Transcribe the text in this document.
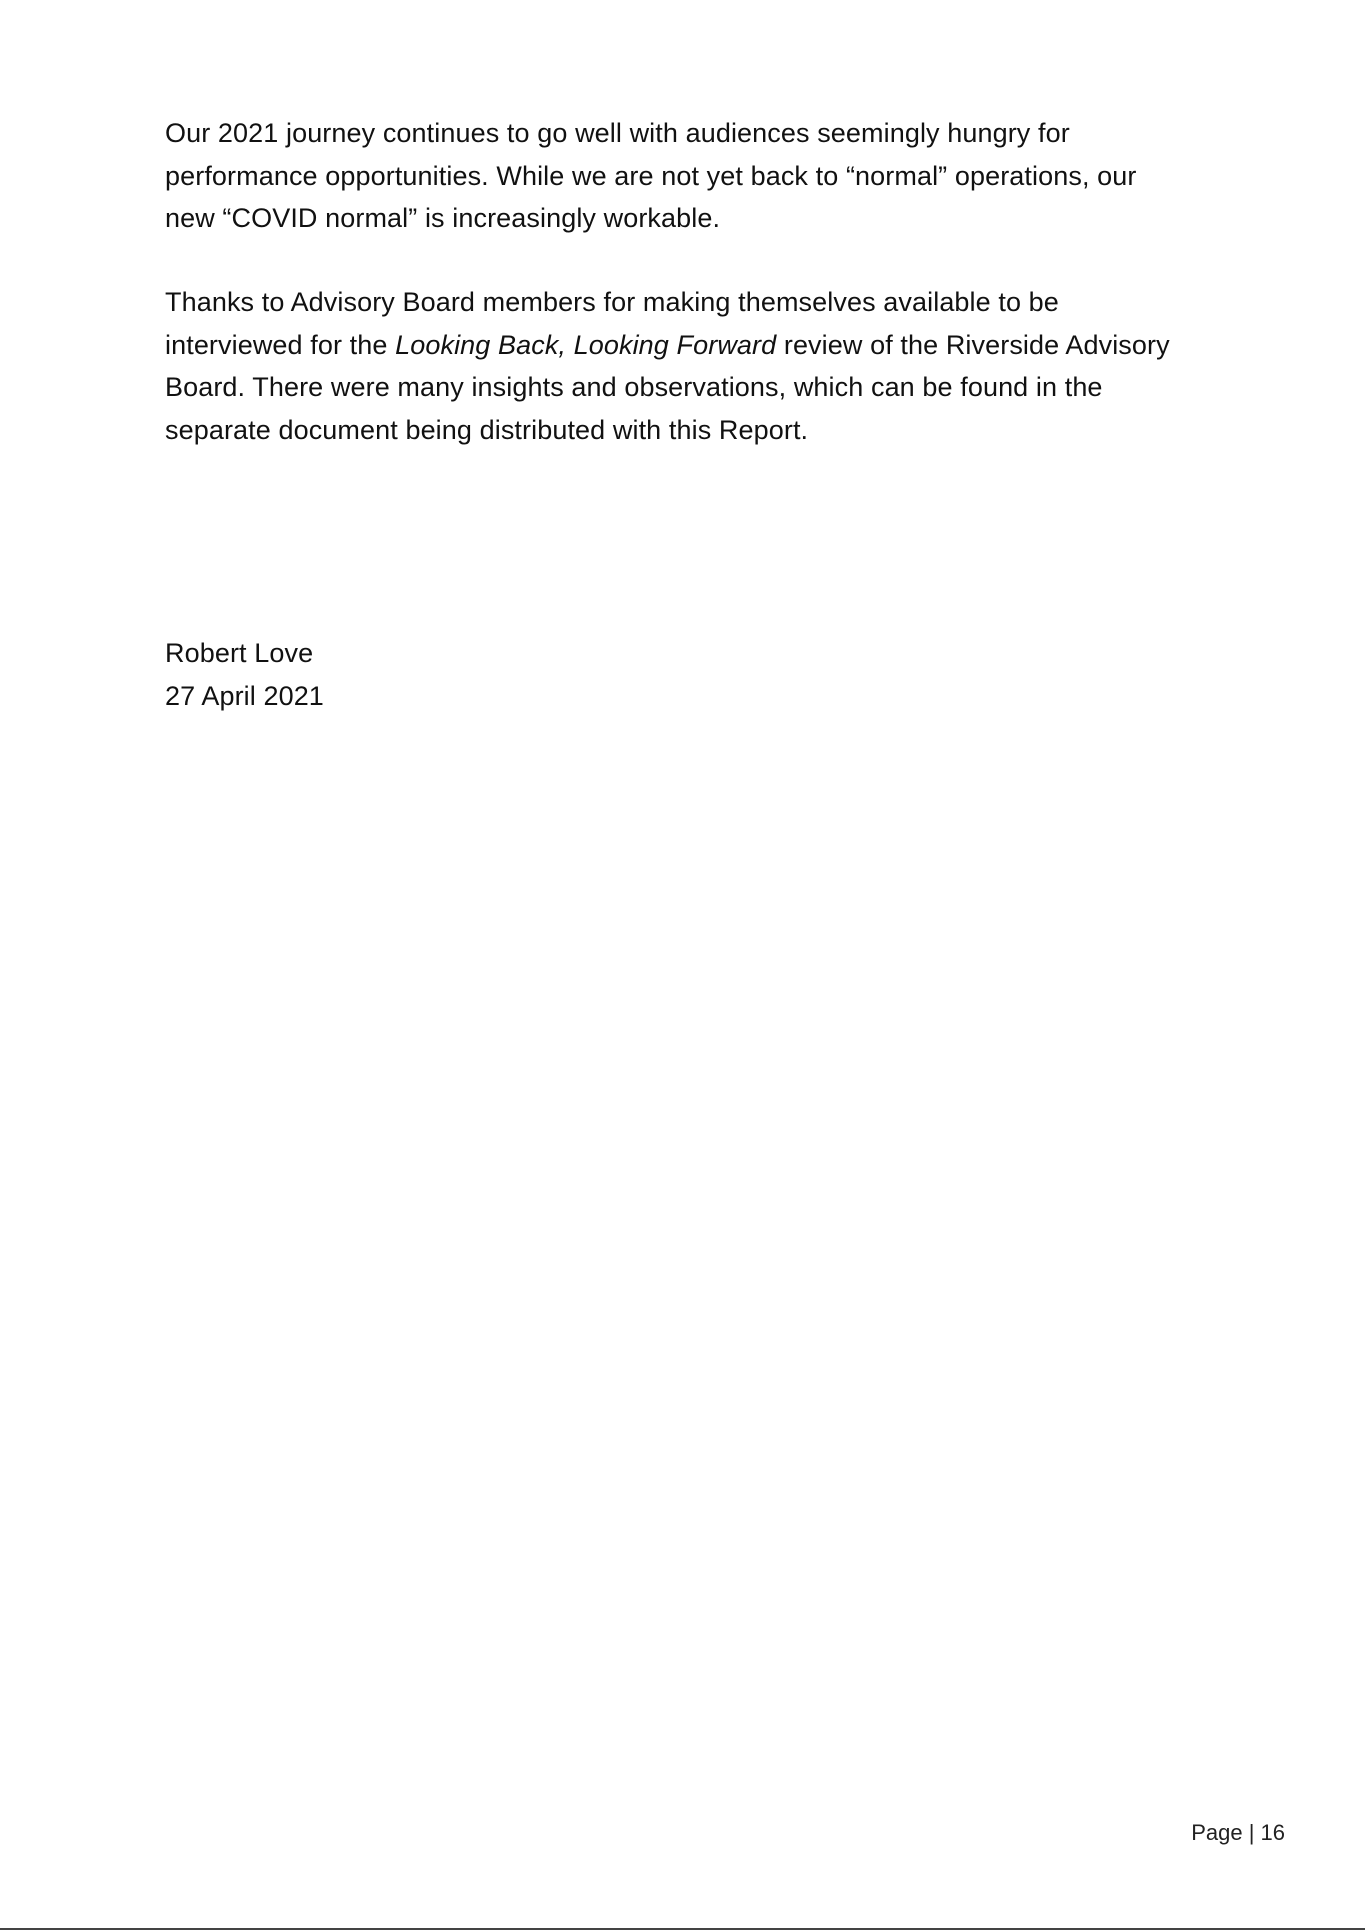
Our 2021 journey continues to go well with audiences seemingly hungry for
performance opportunities. While we are not yet back to “normal” operations, our
new “COVID normal” is increasingly workable.
Thanks to Advisory Board members for making themselves available to be
interviewed for the Looking Back, Looking Forward review of the Riverside Advisory
Board. There were many insights and observations, which can be found in the
separate document being distributed with this Report.
Robert Love
27 April 2021
Page | 16
